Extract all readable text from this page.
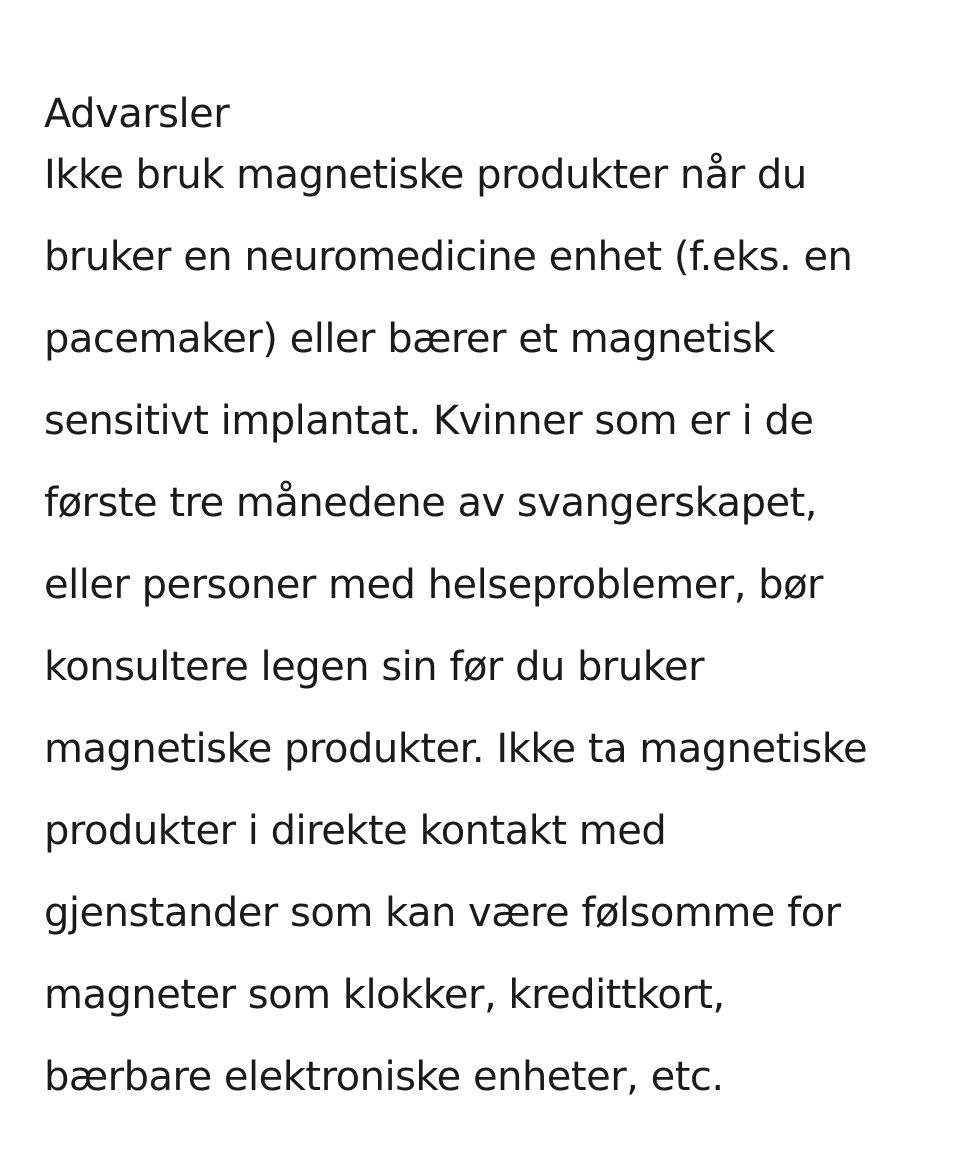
Advarsler
Ikke bruk magnetiske produkter når du
bruker en neuromedicine enhet (f.eks. en
pacemaker) eller bærer et magnetisk
sensitivt implantat. Kvinner som er i de
første tre månedene av svangerskapet,
eller personer med helseproblemer, bør
konsultere legen sin før du bruker
magnetiske produkter. Ikke ta magnetiske
produkter i direkte kontakt med
gjenstander som kan være følsomme for
magneter som klokker, kredittkort,
bærbare elektroniske enheter, etc.
